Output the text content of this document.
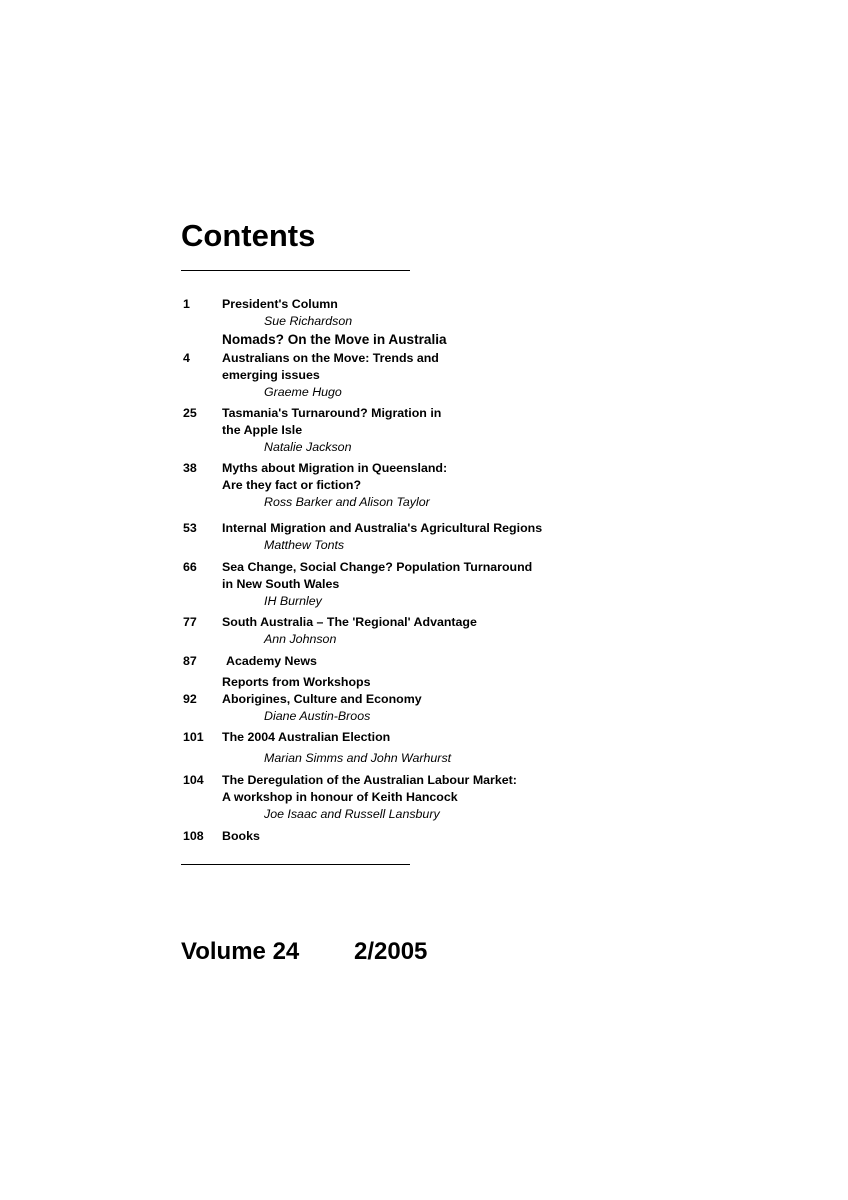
Contents
1	President's Column
Sue Richardson
Nomads? On the Move in Australia
4	Australians on the Move: Trends and
emerging issues
Graeme Hugo
25 Tasmania's Turnaround? Migration in
the Apple Isle
Natalie Jackson
38 Myths about Migration in Queensland:
Are they fact or fiction?
Ross Barker and Alison Taylor
53 Internal Migration and Australia's Agricultural Regions
Matthew Tonts
66 Sea Change, Social Change? Population Turnaround
in New South Wales
IH Burnley
77 South Australia – The 'Regional' Advantage
Ann Johnson
87 Academy News
Reports from Workshops
92 Aborigines, Culture and Economy
Diane Austin-Broos
101 The 2004 Australian Election
Marian Simms and John Warhurst
104 The Deregulation of the Australian Labour Market:
A workshop in honour of Keith Hancock
Joe Isaac and Russell Lansbury
108 Books
Volume 24 2/2005
